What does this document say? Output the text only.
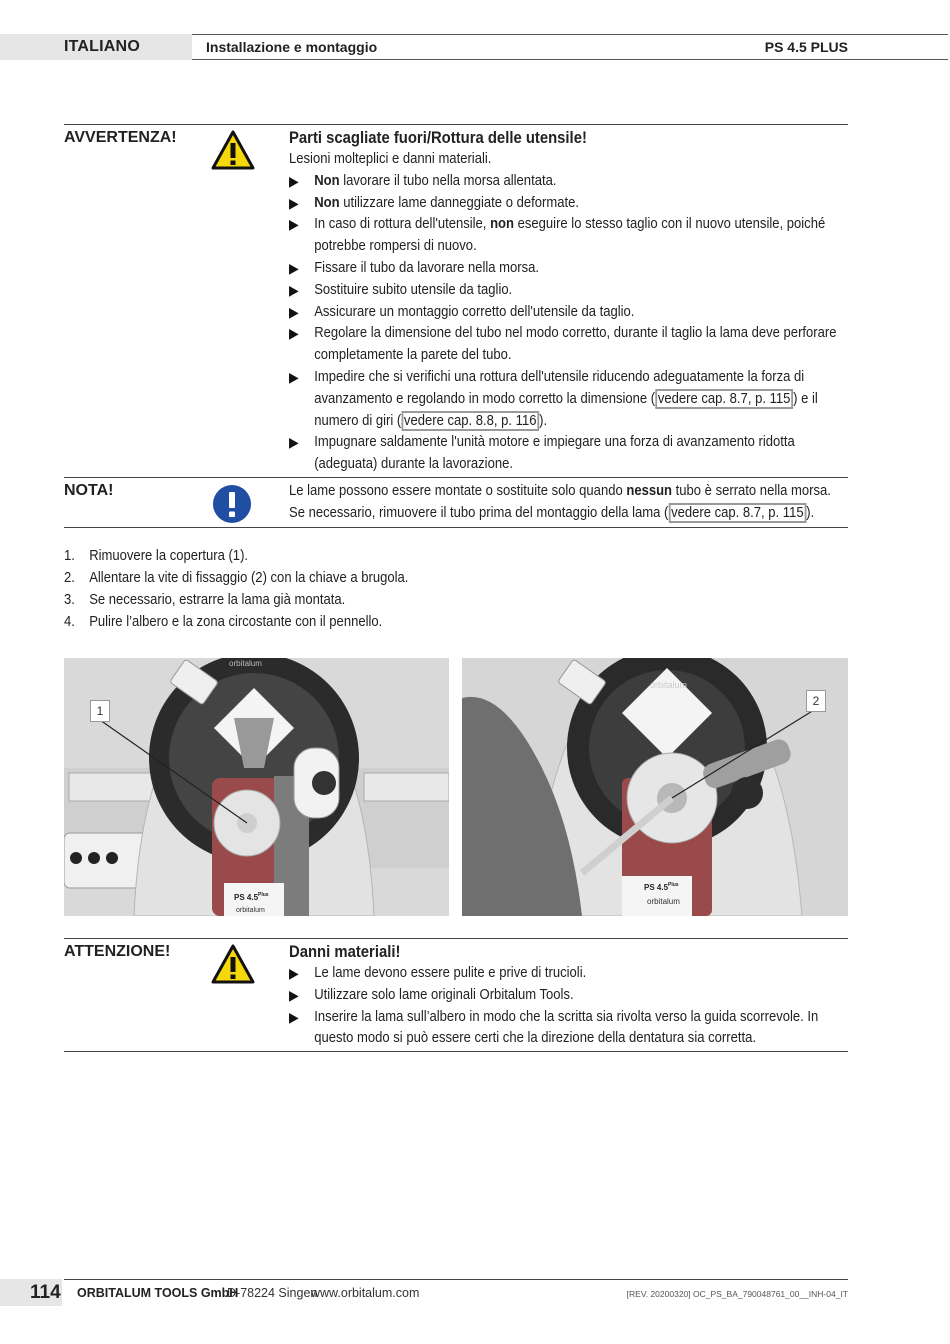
ITALIANO	Installazione e montaggio	PS 4.5 PLUS
AVVERTENZA!	Parti scagliate fuori/Rottura delle utensile!
Lesioni molteplici e danni materiali.
▶ Non lavorare il tubo nella morsa allentata.
▶ Non utilizzare lame danneggiate o deformate.
▶ In caso di rottura dell'utensile, non eseguire lo stesso taglio con il nuovo utensile, poiché potrebbe rompersi di nuovo.
▶ Fissare il tubo da lavorare nella morsa.
▶ Sostituire subito utensile da taglio.
▶ Assicurare un montaggio corretto dell'utensile da taglio.
▶ Regolare la dimensione del tubo nel modo corretto, durante il taglio la lama deve perforare completamente la parete del tubo.
▶ Impedire che si verifichi una rottura dell'utensile riducendo adeguatamente la forza di avanzamento e regolando in modo corretto la dimensione ( vedere cap. 8.7, p. 115 ) e il numero di giri ( vedere cap. 8.8, p. 116 ).
▶ Impugnare saldamente l'unità motore e impiegare una forza di avanzamento ridotta (adeguata) durante la lavorazione.
NOTA!	Le lame possono essere montate o sostituite solo quando nessun tubo è serrato nella morsa. Se necessario, rimuovere il tubo prima del montaggio della lama ( vedere cap. 8.7, p. 115 ).
1. Rimuovere la copertura (1).
2. Allentare la vite di fissaggio (2) con la chiave a brugola.
3. Se necessario, estrarre la lama già montata.
4. Pulire l’albero e la zona circostante con il pennello.
PS $4.5^{Plus}$
orbitalum
orbitalum
1
PS $4.5^{Plus}$
orbitalum
orbitalum
2
ATTENZIONE!	Danni materiali!
▶ Le lame devono essere pulite e prive di trucioli.
▶ Utilizzare solo lame originali Orbitalum Tools.
▶ Inserire la lama sull’albero in modo che la scritta sia rivolta verso la guida scorrevole. In questo modo si può essere certi che la direzione della dentatura sia corretta.
114 ORBITALUM TOOLS GmbH
D-78224 Singen
www.orbitalum.com	[REV. 20200320] OC_PS_BA_790048761_00__INH-04_IT
